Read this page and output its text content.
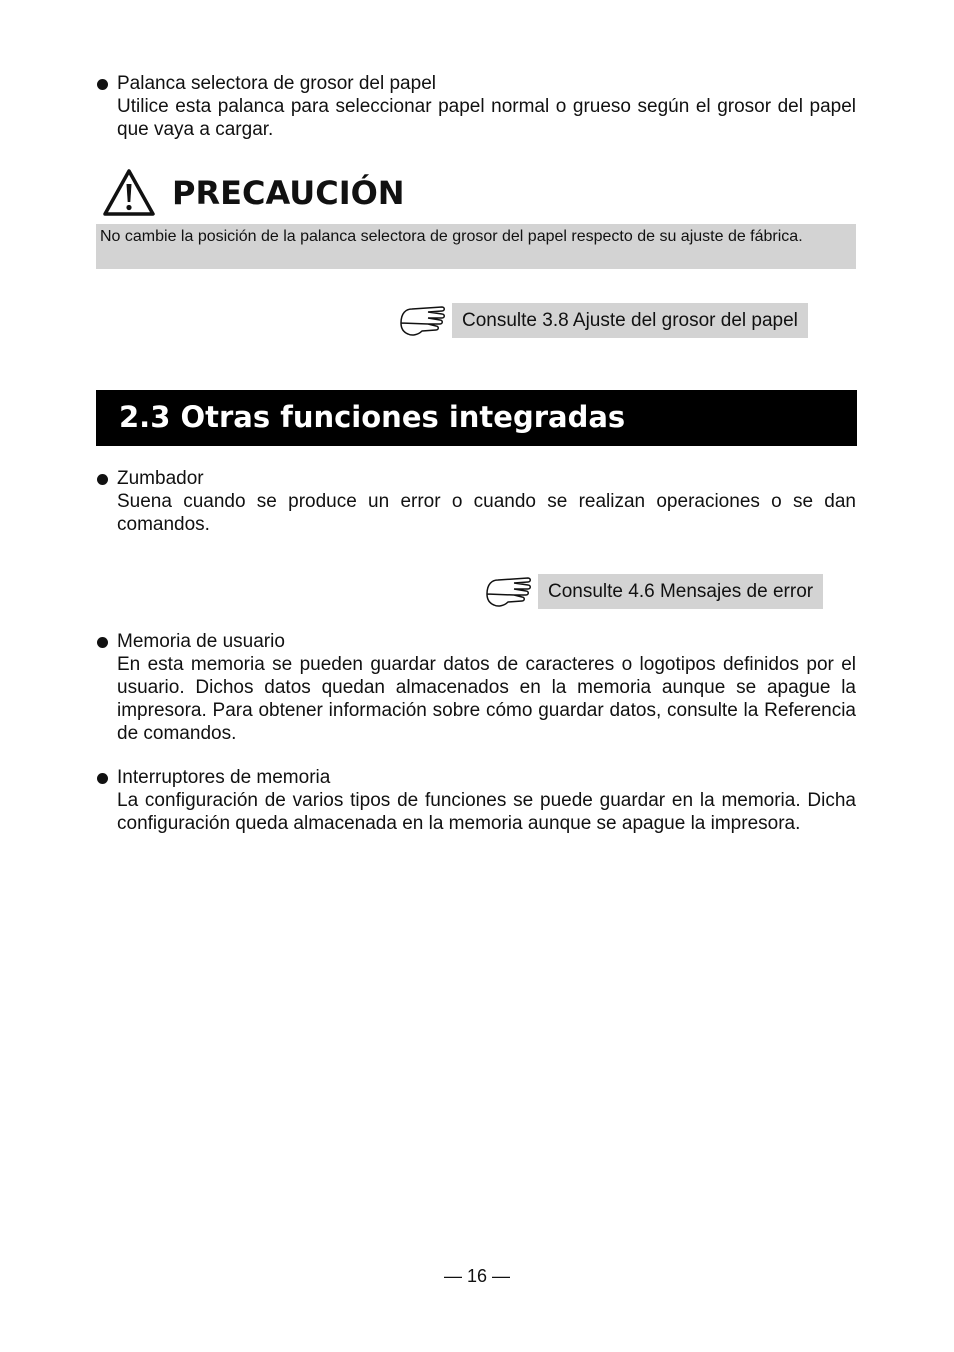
Palanca selectora de grosor del papel
Utilice esta palanca para seleccionar papel normal o grueso según el grosor del papel que vaya a cargar.
PRECAUCIÓN
No cambie la posición de la palanca selectora de grosor del papel respecto de su ajuste de fábrica.
Consulte 3.8 Ajuste del grosor del papel
2.3 Otras funciones integradas
Zumbador
Suena cuando se produce un error o cuando se realizan operaciones o se dan comandos.
Consulte 4.6 Mensajes de error
Memoria de usuario
En esta memoria se pueden guardar datos de caracteres o logotipos definidos por el usuario. Dichos datos quedan almacenados en la memoria aunque se apague la impresora. Para obtener información sobre cómo guardar datos, consulte la Referencia de comandos.
Interruptores de memoria
La configuración de varios tipos de funciones se puede guardar en la memoria. Dicha configuración queda almacenada en la memoria aunque se apague la impresora.
— 16 —
